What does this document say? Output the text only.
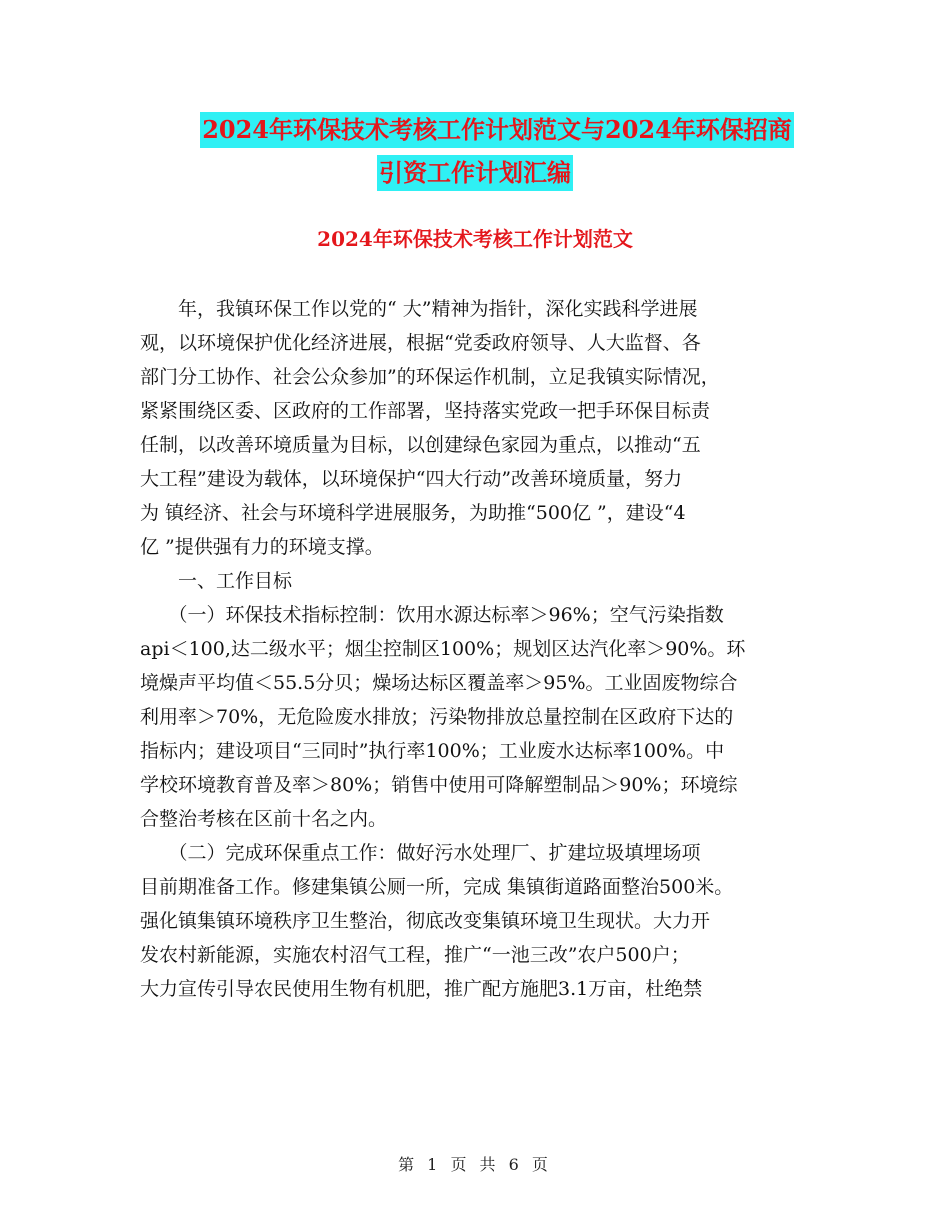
2024年环保技术考核工作计划范文与2024年环保招商
引资工作计划汇编
2024年环保技术考核工作计划范文
　　年，我镇环保工作以党的“ 大”精神为指针，深化实践科学进展
观，以环境保护优化经济进展，根据“党委政府领导、人大监督、各
部门分工协作、社会公众参加”的环保运作机制，立足我镇实际情况，
紧紧围绕区委、区政府的工作部署，坚持落实党政一把手环保目标责
任制，以改善环境质量为目标，以创建绿色家园为重点，以推动“五
大工程”建设为载体，以环境保护“四大行动”改善环境质量，努力
为 镇经济、社会与环境科学进展服务，为助推“500亿 ”，建设“4
亿 ”提供强有力的环境支撑。
　　一、工作目标
　　（一）环保技术指标控制：饮用水源达标率＞96%；空气污染指数
api＜100,达二级水平；烟尘控制区100%；规划区达汽化率＞90%。环
境燥声平均值＜55.5分贝；燥场达标区覆盖率＞95%。工业固废物综合
利用率＞70%，无危险废水排放；污染物排放总量控制在区政府下达的
指标内；建设项目“三同时”执行率100%；工业废水达标率100%。中
学校环境教育普及率＞80%；销售中使用可降解塑制品＞90%；环境综
合整治考核在区前十名之内。
　　（二）完成环保重点工作：做好污水处理厂、扩建垃圾填埋场项
目前期准备工作。修建集镇公厕一所，完成 集镇街道路面整治500米。
强化镇集镇环境秩序卫生整治，彻底改变集镇环境卫生现状。大力开
发农村新能源，实施农村沼气工程，推广“一池三改”农户500户；
大力宣传引导农民使用生物有机肥，推广配方施肥3.1万亩，杜绝禁
第 1 页 共 6 页
